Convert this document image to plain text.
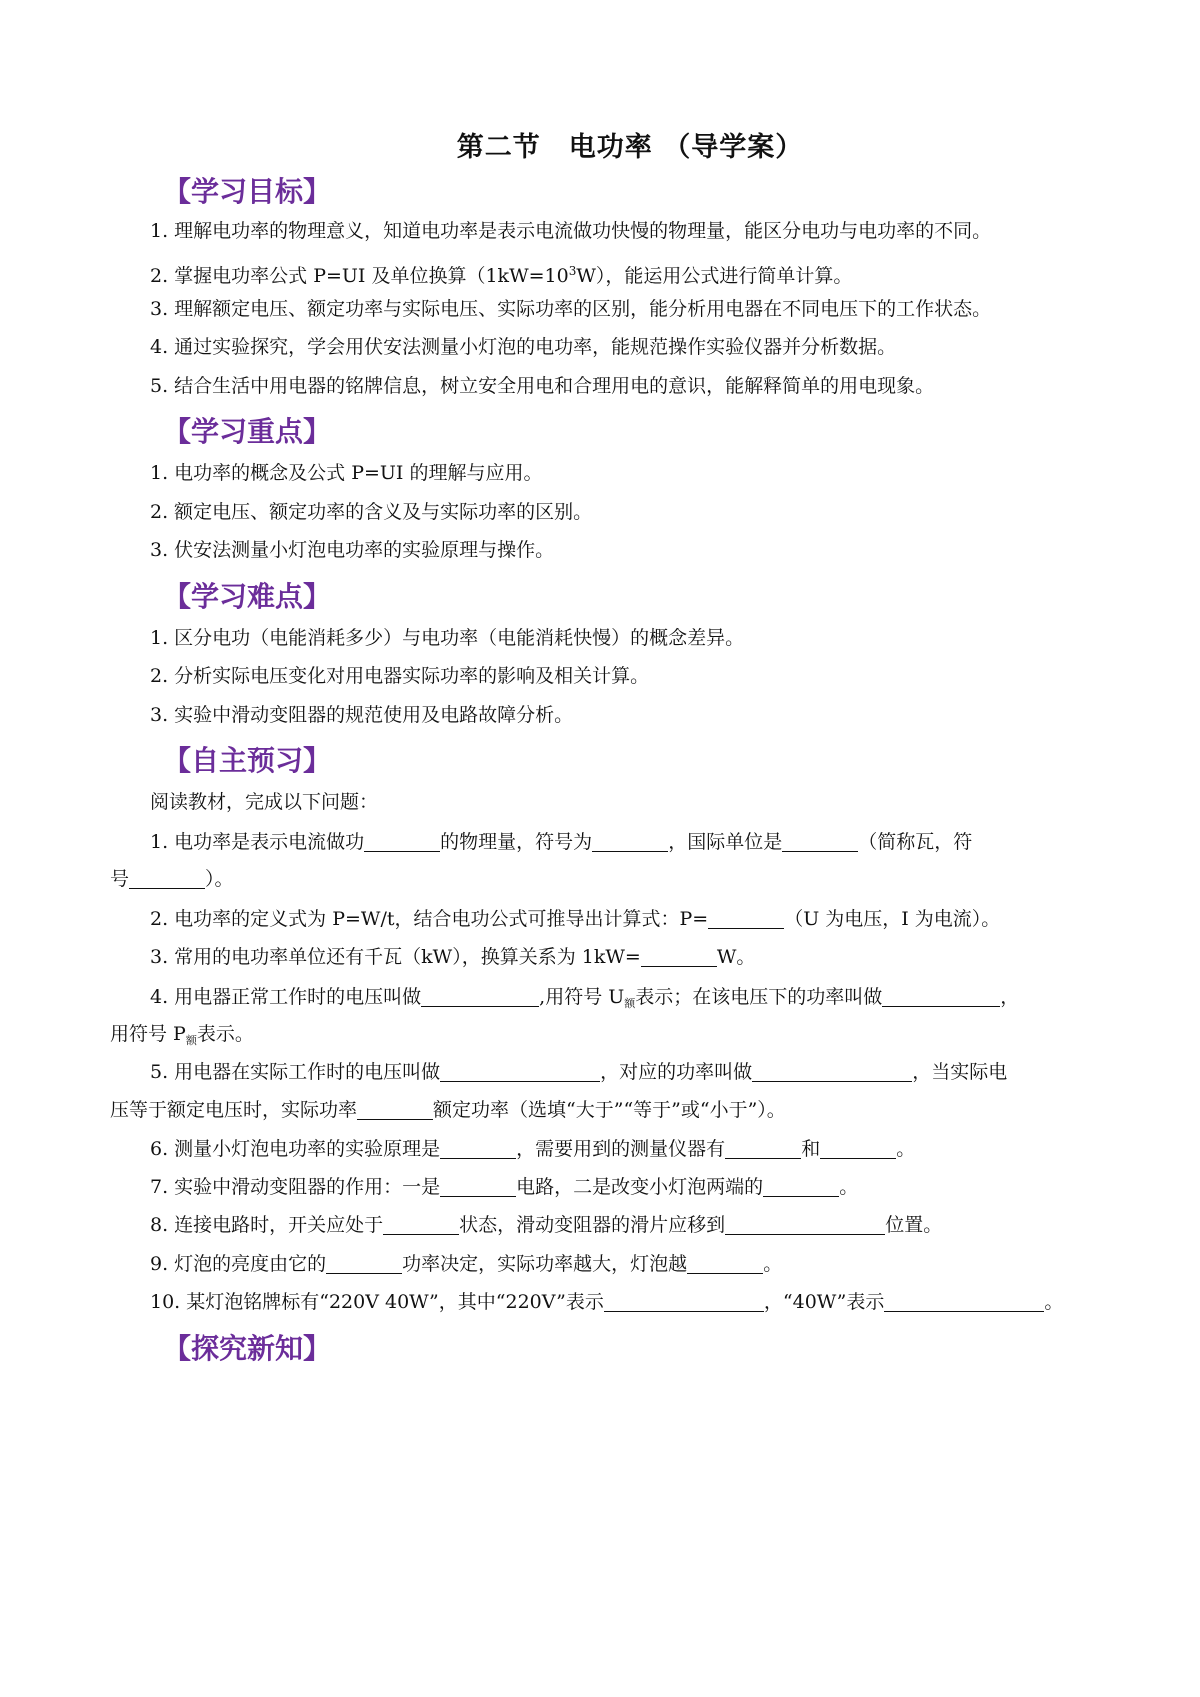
第二节　电功率 （导学案）
【学习目标】
1. 理解电功率的物理意义，知道电功率是表示电流做功快慢的物理量，能区分电功与电功率的不同。
2. 掌握电功率公式 P=UI 及单位换算$(1kW=10^3W)$，能运用公式进行简单计算。
3. 理解额定电压、额定功率与实际电压、实际功率的区别，能分析用电器在不同电压下的工作状态。
4. 通过实验探究，学会用伏安法测量小灯泡的电功率，能规范操作实验仪器并分析数据。
5. 结合生活中用电器的铭牌信息，树立安全用电和合理用电的意识，能解释简单的用电现象。
【学习重点】
1. 电功率的概念及公式 P=UI 的理解与应用。
2. 额定电压、额定功率的含义及与实际功率的区别。
3. 伏安法测量小灯泡电功率的实验原理与操作。
【学习难点】
1. 区分电功（电能消耗多少）与电功率（电能消耗快慢）的概念差异。
2. 分析实际电压变化对用电器实际功率的影响及相关计算。
3. 实验中滑动变阻器的规范使用及电路故障分析。
【自主预习】
阅读教材，完成以下问题：
1. 电功率是表示电流做功	的物理量，符号为	，国际单位是	（简称瓦，符
号	）。
2. 电功率的定义式为 P=W/t，结合电功公式可推导出计算式：P=	（U 为电压，I 为电流）。
3. 常用的电功率单位还有千瓦（kW），换算关系为 1kW=	W。
4. 用电器正常工作时的电压叫做	,用符号 $U_额$表示；在该电压下的功率叫做	，
用符号 $P_额$表示。
5. 用电器在实际工作时的电压叫做	，对应的功率叫做	，当实际电
压等于额定电压时，实际功率	额定功率（选填“大于”“等于”或“小于”）。
6. 测量小灯泡电功率的实验原理是	，需要用到的测量仪器有	和	。
7. 实验中滑动变阻器的作用：一是	电路，二是改变小灯泡两端的	。
8. 连接电路时，开关应处于	状态，滑动变阻器的滑片应移到	位置。
9. 灯泡的亮度由它的	功率决定，实际功率越大，灯泡越	。
10. 某灯泡铭牌标有“220V 40W”，其中“220V”表示	，“40W”表示	。
【探究新知】
